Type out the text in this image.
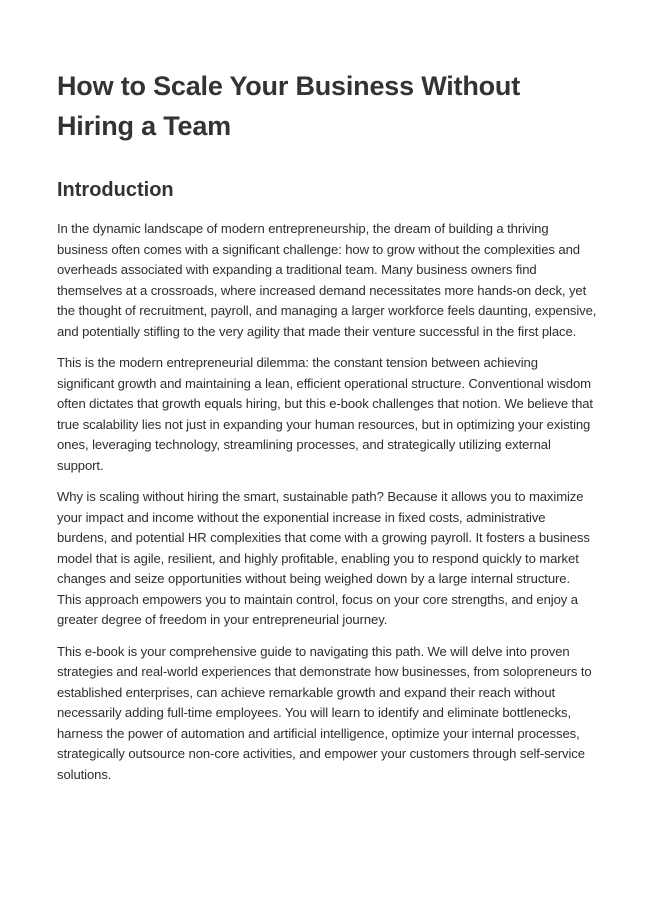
How to Scale Your Business Without Hiring a Team
Introduction

In the dynamic landscape of modern entrepreneurship, the dream of building a thriving business often comes with a significant challenge: how to grow without the complexities and overheads associated with expanding a traditional team. Many business owners find themselves at a crossroads, where increased demand necessitates more hands-on deck, yet the thought of recruitment, payroll, and managing a larger workforce feels daunting, expensive, and potentially stifling to the very agility that made their venture successful in the first place.

This is the modern entrepreneurial dilemma: the constant tension between achieving significant growth and maintaining a lean, efficient operational structure. Conventional wisdom often dictates that growth equals hiring, but this e-book challenges that notion. We believe that true scalability lies not just in expanding your human resources, but in optimizing your existing ones, leveraging technology, streamlining processes, and strategically utilizing external support.

Why is scaling without hiring the smart, sustainable path? Because it allows you to maximize your impact and income without the exponential increase in fixed costs, administrative burdens, and potential HR complexities that come with a growing payroll. It fosters a business model that is agile, resilient, and highly profitable, enabling you to respond quickly to market changes and seize opportunities without being weighed down by a large internal structure. This approach empowers you to maintain control, focus on your core strengths, and enjoy a greater degree of freedom in your entrepreneurial journey.

This e-book is your comprehensive guide to navigating this path. We will delve into proven strategies and real-world experiences that demonstrate how businesses, from solopreneurs to established enterprises, can achieve remarkable growth and expand their reach without necessarily adding full-time employees. You will learn to identify and eliminate bottlenecks, harness the power of automation and artificial intelligence, optimize your internal processes, strategically outsource non-core activities, and empower your customers through self-service solutions.
